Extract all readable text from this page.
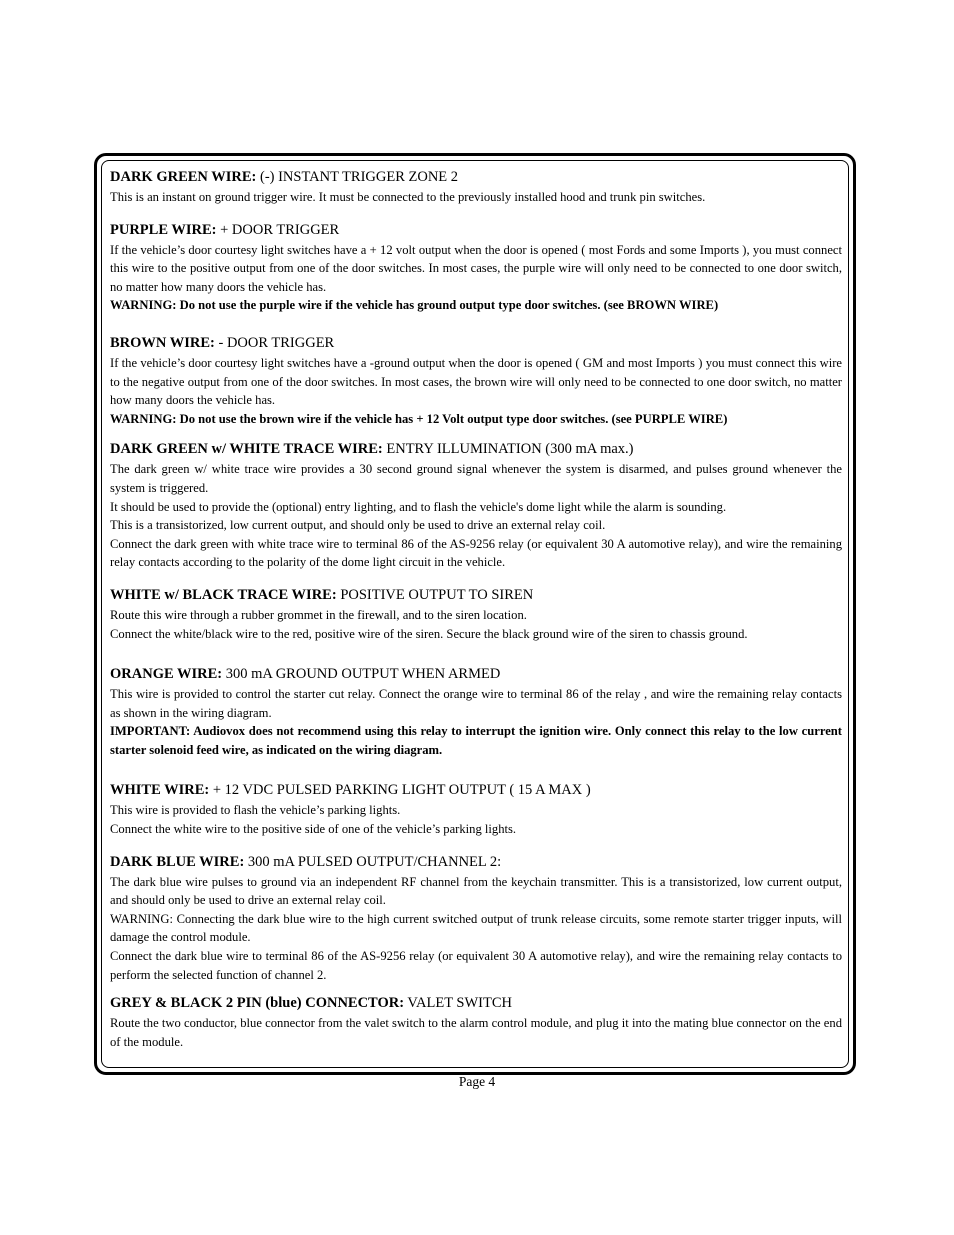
DARK GREEN WIRE: (-) INSTANT TRIGGER ZONE 2

This is an instant on ground trigger wire. It must be connected to the previously installed hood and trunk pin switches.

PURPLE WIRE: + DOOR TRIGGER

If the vehicle’s door courtesy light switches have a + 12 volt output when the door is opened ( most Fords and some Imports ), you must connect this wire to the positive output from one of the door switches. In most cases, the purple wire will only need to be connected to one door switch, no matter how many doors the vehicle has.

WARNING: Do not use the purple wire if the vehicle has ground output type door switches. (see BROWN WIRE)

BROWN WIRE: - DOOR TRIGGER

If the vehicle’s door courtesy light switches have a -ground output when the door is opened ( GM and most Imports ) you must connect this wire to the negative output from one of the door switches. In most cases, the brown wire will only need to be connected to one door switch, no matter how many doors the vehicle has.

WARNING: Do not use the brown wire if the vehicle has + 12 Volt output type door switches. (see PURPLE WIRE)

DARK GREEN w/ WHITE TRACE WIRE: ENTRY ILLUMINATION (300 mA max.)

The dark green w/ white trace wire provides a 30 second ground signal whenever the system is disarmed, and pulses ground whenever the system is triggered.

It should be used to provide the (optional) entry lighting, and to flash the vehicle's dome light while the alarm is sounding.

This is a transistorized, low current output, and should only be used to drive an external relay coil.

Connect the dark green with white trace wire to terminal 86 of the AS-9256 relay (or equivalent 30 A automotive relay), and wire the remaining relay contacts according to the polarity of the dome light circuit in the vehicle.

WHITE w/ BLACK TRACE WIRE: POSITIVE OUTPUT TO SIREN

Route this wire through a rubber grommet in the firewall, and to the siren location.

Connect the white/black wire to the red, positive wire of the siren. Secure the black ground wire of the siren to chassis ground.

ORANGE WIRE: 300 mA GROUND OUTPUT WHEN ARMED

This wire is provided to control the starter cut relay. Connect the orange wire to terminal 86 of the relay , and wire the remaining relay contacts as shown in the wiring diagram.

IMPORTANT: Audiovox does not recommend using this relay to interrupt the ignition wire. Only connect this relay to the low current starter solenoid feed wire, as indicated on the wiring diagram.

WHITE WIRE: + 12 VDC PULSED PARKING LIGHT OUTPUT ( 15 A MAX )

This wire is provided to flash the vehicle’s parking lights.

Connect the white wire to the positive side of one of the vehicle’s parking lights.

DARK BLUE WIRE: 300 mA PULSED OUTPUT/CHANNEL 2:

The dark blue wire pulses to ground via an independent RF channel from the keychain transmitter. This is a transistorized, low current output, and should only be used to drive an external relay coil.

WARNING: Connecting the dark blue wire to the high current switched output of trunk release circuits, some remote starter trigger inputs, will damage the control module.

Connect the dark blue wire to terminal 86 of the AS-9256 relay (or equivalent 30 A automotive relay), and wire the remaining relay contacts to perform the selected function of channel 2.

GREY & BLACK 2 PIN (blue) CONNECTOR: VALET SWITCH

Route the two conductor, blue connector from the valet switch to the alarm control module, and plug it into the mating blue connector on the end of the module.

Page 4
